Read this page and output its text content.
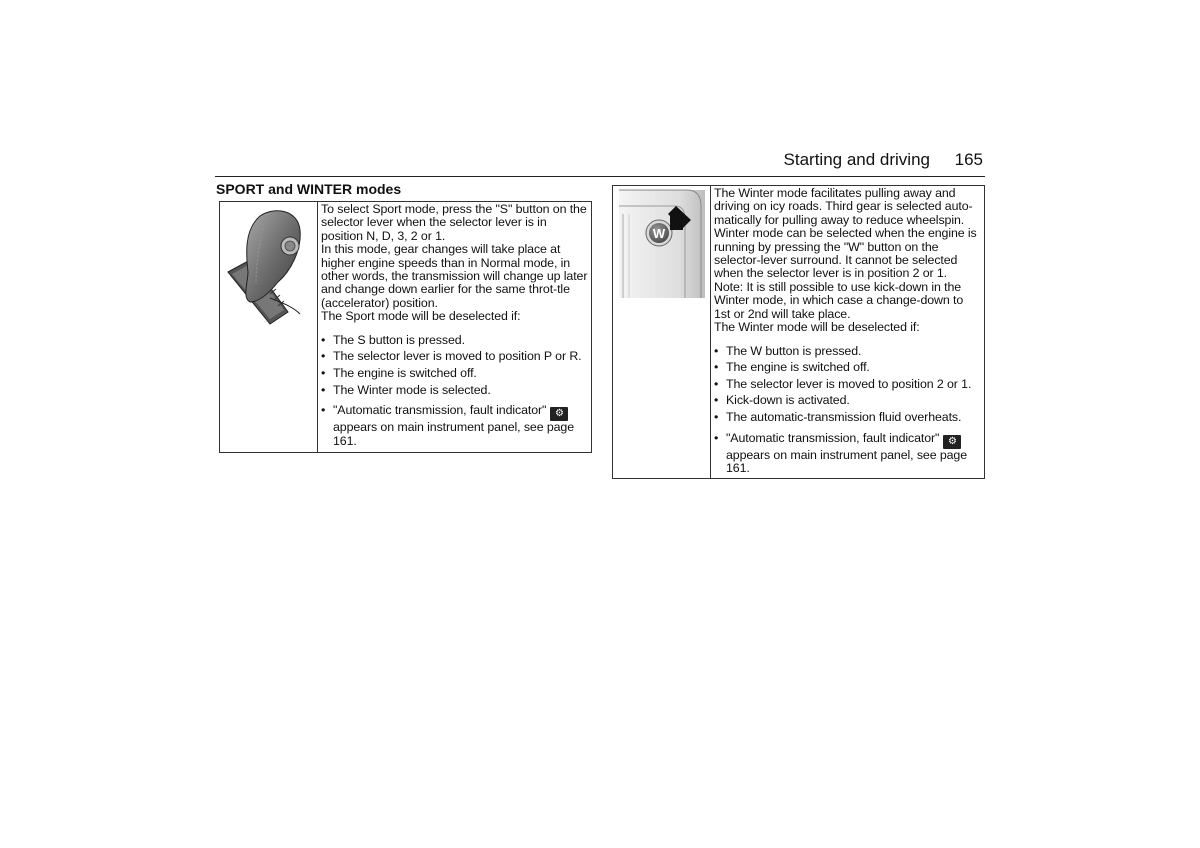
Starting and driving 165
SPORT and WINTER modes

To select Sport mode, press the "S" button on the selector lever when the selector lever is in position N, D, 3, 2 or 1.

In this mode, gear changes will take place at higher engine speeds than in Normal mode, in other words, the transmission will change up later and change down earlier for the same throt-tle (accelerator) position.

The Sport mode will be deselected if:

• The S button is pressed.
• The selector lever is moved to position P or R.
• The engine is switched off.
• The Winter mode is selected.
• "Automatic transmission, fault indicator" ⚙
appears on main instrument panel, see page 161.
W

The Winter mode facilitates pulling away and driving on icy roads. Third gear is selected auto-matically for pulling away to reduce wheelspin.

Winter mode can be selected when the engine is running by pressing the "W" button on the selector-lever surround. It cannot be selected when the selector lever is in position 2 or 1.

Note: It is still possible to use kick-down in the Winter mode, in which case a change-down to 1st or 2nd will take place.

The Winter mode will be deselected if:

• The W button is pressed.
• The engine is switched off.
• The selector lever is moved to position 2 or 1.
• Kick-down is activated.
• The automatic-transmission fluid overheats.
• "Automatic transmission, fault indicator" ⚙
appears on main instrument panel, see page 161.
